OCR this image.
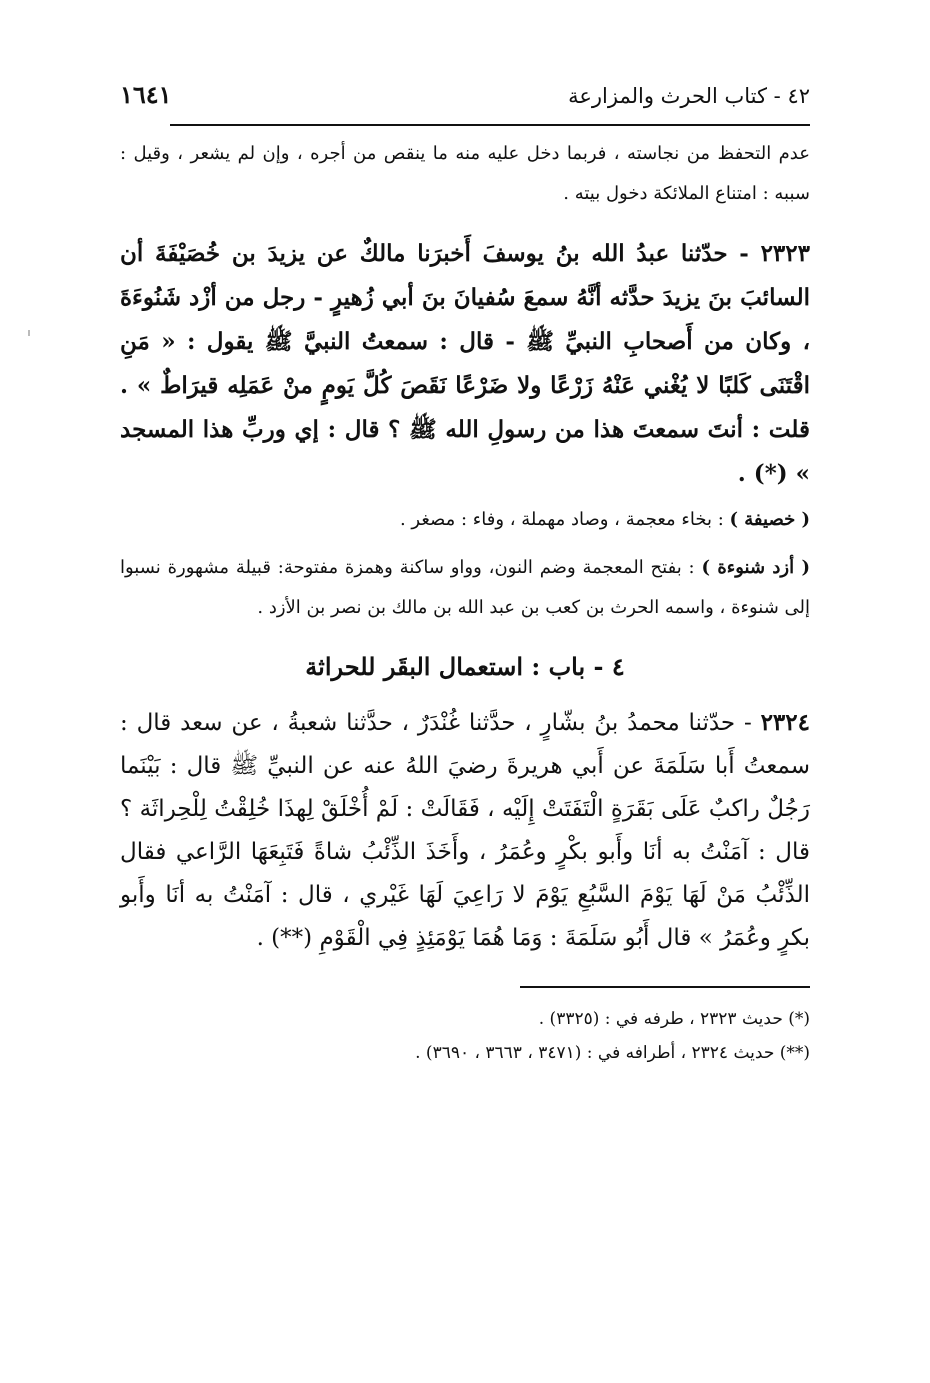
٤٢ - كتاب الحرث والمزارعة
١٦٤١

عدم التحفظ من نجاسته ، فربما دخل عليه منه ما ينقص من أجره ، وإن لم يشعر ، وقيل : سببه : امتناع الملائكة دخول بيته .

٢٣٢٣ - حدّثنا عبدُ الله بنُ يوسفَ أَخبرَنا مالكٌ عن يزيدَ بن خُصَيْفَةَ أن السائبَ بنَ يزيدَ حدَّثه أنَّهُ سمعَ سُفيانَ بنَ أبي زُهيرٍ - رجل من أزْد شَنُوءَةَ ، وكان من أَصحابِ النبيِّ ﷺ - قال : سمعتُ النبيَّ ﷺ يقول : « مَنِ اقْتَنَى كَلبًا لا يُغْني عَنْهُ زَرْعًا ولا ضَرْعًا نَقَصَ كُلَّ يَومٍ منْ عَمَلِه قيرَاطٌ » . قلت : أنتَ سمعتَ هذا من رسولِ الله ﷺ ؟ قال : إي وربِّ هذا المسجد » (*) .

( خصيفة ) : بخاء معجمة ، وصاد مهملة ، وفاء : مصغر .

( أزد شنوءة ) : بفتح المعجمة وضم النون، وواو ساكنة وهمزة مفتوحة: قبيلة مشهورة نسبوا إلى شنوءة ، واسمه الحرث بن كعب بن عبد الله بن مالك بن نصر بن الأزد .

٤ - باب : استعمال البقَر للحراثة

٢٣٢٤ - حدّثنا محمدُ بنُ بشّارٍ ، حدَّثنا غُنْدَرٌ ، حدَّثنا شعبةُ ، عن سعد قال : سمعتُ أَبا سَلَمَةَ عن أَبي هريرةَ رضيَ اللهُ عنه عن النبيِّ ﷺ قال : بَيْنَما رَجُلٌ راكبٌ عَلَى بَقَرَةٍ الْتَفَتَتْ إِلَيْه ، فَقَالَتْ : لَمْ أُخْلَقْ لِهذَا خُلِقْتُ لِلْحِراثَة ؟ قال : آمَنْتُ به أنَا وأَبو بكْرٍ وعُمَرُ ، وأَخَذَ الذِّئْبُ شاةً فَتَبِعَهَا الرَّاعي فقال الذِّئْبُ مَنْ لَهَا يَوْمَ السَّبُعِ يَوْمَ لا رَاعِيَ لَهَا غَيْري ، قال : آمَنْتُ به أنَا وأَبو بكرٍ وعُمَرُ » قال أَبُو سَلَمَةَ : وَمَا هُمَا يَوْمَئِذٍ فِي الْقَوْمِ (**) .

(*) حديث ٢٣٢٣ ، طرفه في : (٣٣٢٥) .

(**) حديث ٢٣٢٤ ، أطرافه في : (٣٤٧١ ، ٣٦٦٣ ، ٣٦٩٠) .
